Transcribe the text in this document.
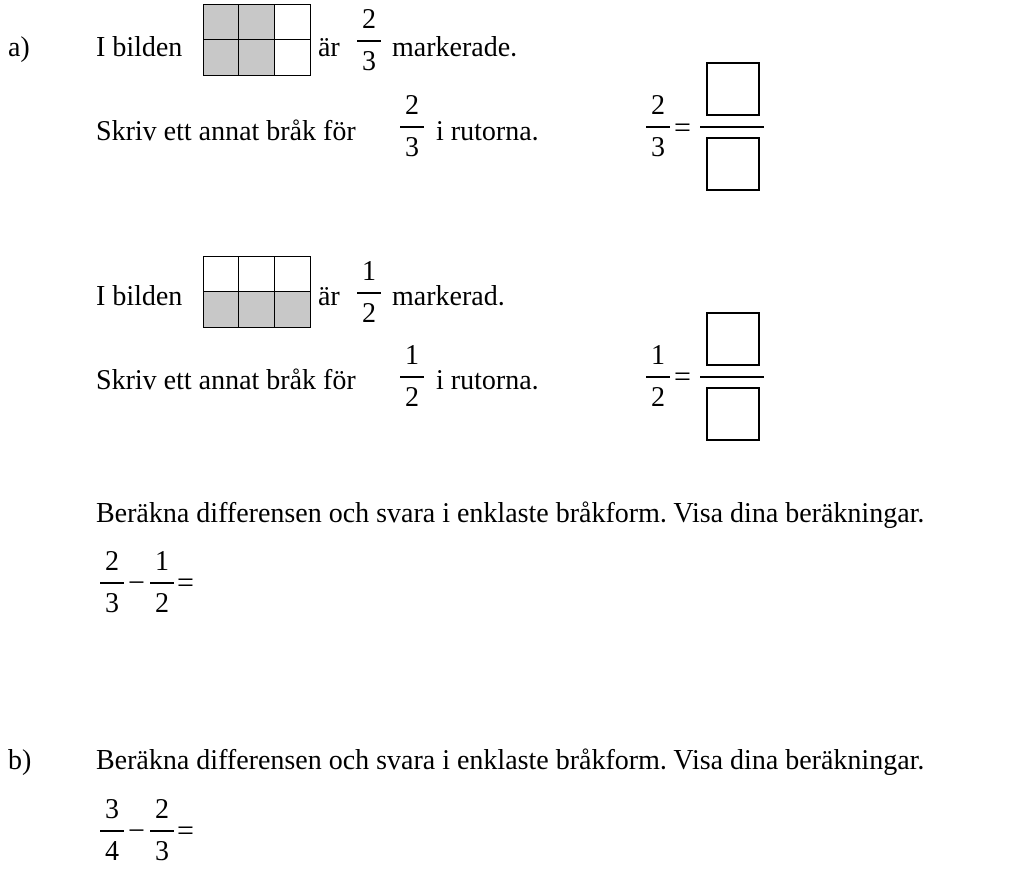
a) I bilden	är
2
3 markerade.
Skriv ett annat bråk för
2
3
i rutorna.
2
3
=
I bilden	är
1
2
markerad.
Skriv ett annat bråk för
1
2
i rutorna.
1
2
=
Beräkna differensen och svara i enklaste bråkform. Visa dina beräkningar.
2
3
−
1
2
=
b) Beräkna differensen och svara i enklaste bråkform. Visa dina beräkningar.
3
4
−
2
3
=
